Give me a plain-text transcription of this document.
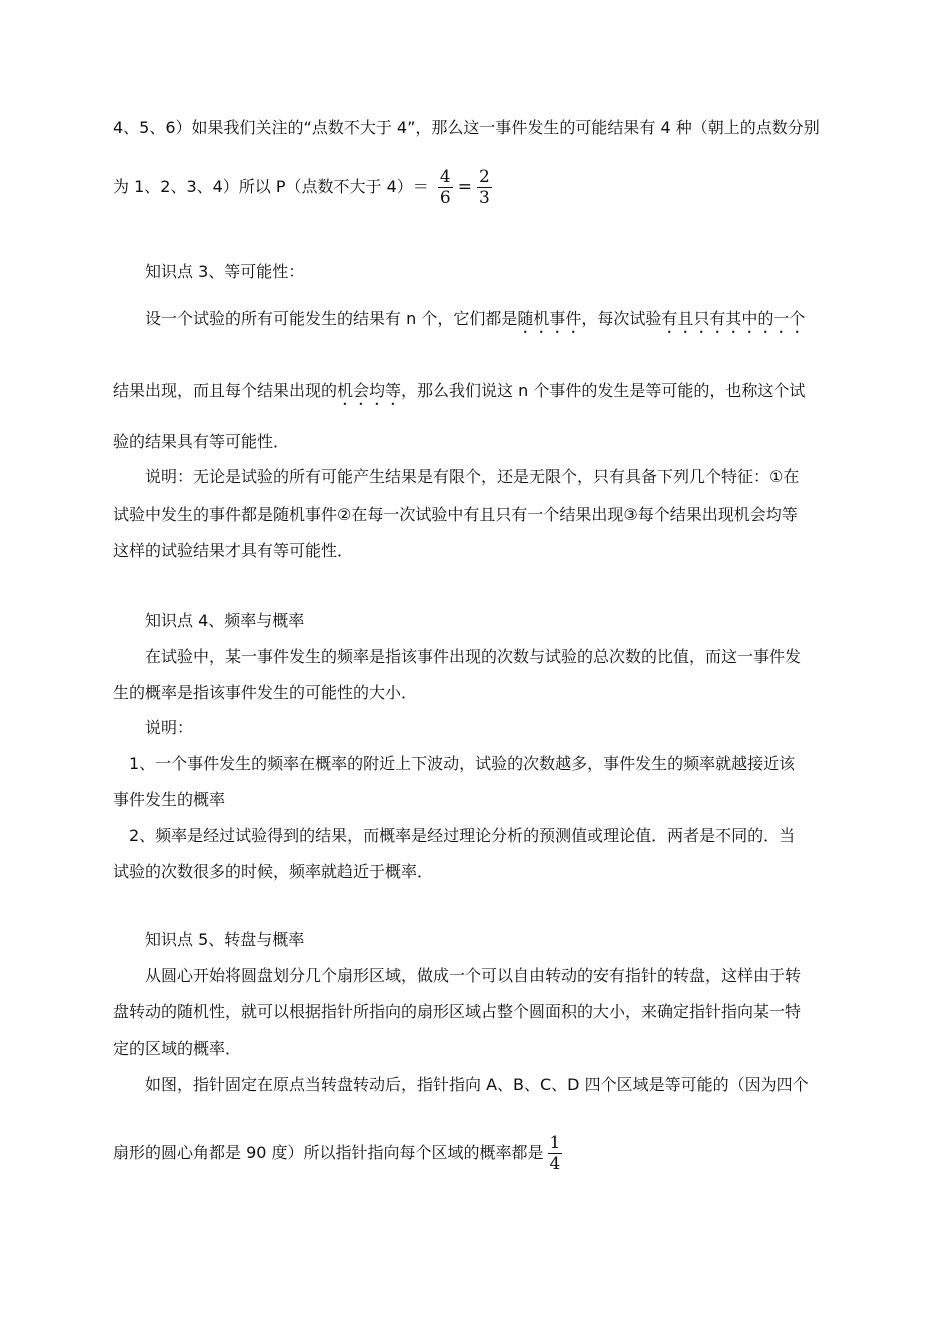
4、5、6）如果我们关注的“点数不大于 4”，那么这一事件发生的可能结果有 4 种（朝上的点数分别
为 1、2、3、4）所以 P（点数不大于 $4)= \frac{4}{6} = \frac{2}{3}$
知识点 3、等可能性：
设一个试验的所有可能发生的结果有 n 个，它们都是随机事件，每次试验有且只有其中的一个
结果出现，而且每个结果出现的机会均等，那么我们说这 n 个事件的发生是等可能的，也称这个试
验的结果具有等可能性．
说明：无论是试验的所有可能产生结果是有限个，还是无限个，只有具备下列几个特征：①在
试验中发生的事件都是随机事件②在每一次试验中有且只有一个结果出现③每个结果出现机会均等
这样的试验结果才具有等可能性．
知识点 4、频率与概率
在试验中，某一事件发生的频率是指该事件出现的次数与试验的总次数的比值，而这一事件发
生的概率是指该事件发生的可能性的大小．
说明：
1、一个事件发生的频率在概率的附近上下波动，试验的次数越多，事件发生的频率就越接近该
事件发生的概率
2、频率是经过试验得到的结果，而概率是经过理论分析的预测值或理论值．两者是不同的．当
试验的次数很多的时候，频率就趋近于概率．
知识点 5、转盘与概率
从圆心开始将圆盘划分几个扇形区域，做成一个可以自由转动的安有指针的转盘，这样由于转
盘转动的随机性，就可以根据指针所指向的扇形区域占整个圆面积的大小，来确定指针指向某一特
定的区域的概率．
如图，指针固定在原点当转盘转动后，指针指向 A、B、C、D 四个区域是等可能的（因为四个
扇形的圆心角都是 90 度）所以指针指向每个区域的概率都是 $\frac{1}{4}$
